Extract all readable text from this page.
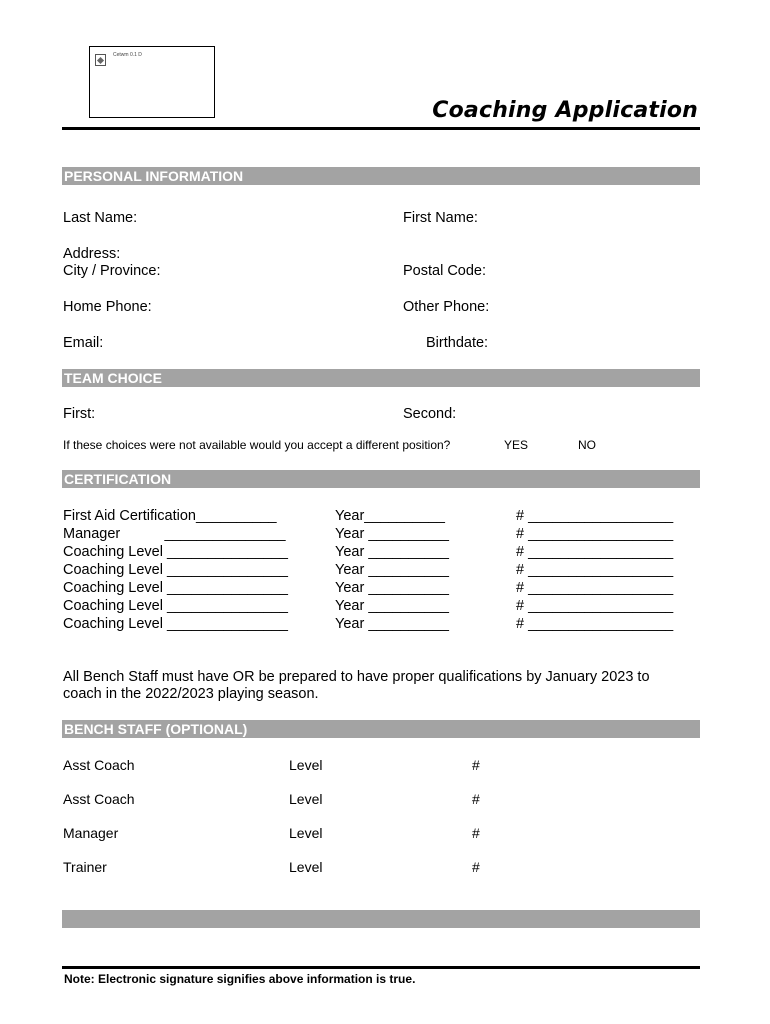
Cetwm 0.1 D
Coaching Application
PERSONAL INFORMATION
Last Name:	First Name:
Address:
City / Province:	Postal Code:
Home Phone:	Other Phone:
Email:	Birthdate:
TEAM CHOICE
First:	Second:
If these choices were not available would you accept a different position?	YES	NO
CERTIFICATION
First Aid Certification__________	Year__________	# __________________
Manager           _______________	Year __________	# __________________
Coaching Level _______________	Year __________	# __________________
Coaching Level _______________	Year __________	# __________________
Coaching Level _______________	Year __________	# __________________
Coaching Level _______________	Year __________	# __________________
Coaching Level _______________	Year __________	# __________________
All Bench Staff must have OR be prepared to have proper qualifications by January 2023 to
coach in the 2022/2023 playing season.
BENCH STAFF (OPTIONAL)
Asst Coach	Level	#
Asst Coach	Level	#
Manager	Level	#
Trainer	Level	#
Note: Electronic signature signifies above information is true.
